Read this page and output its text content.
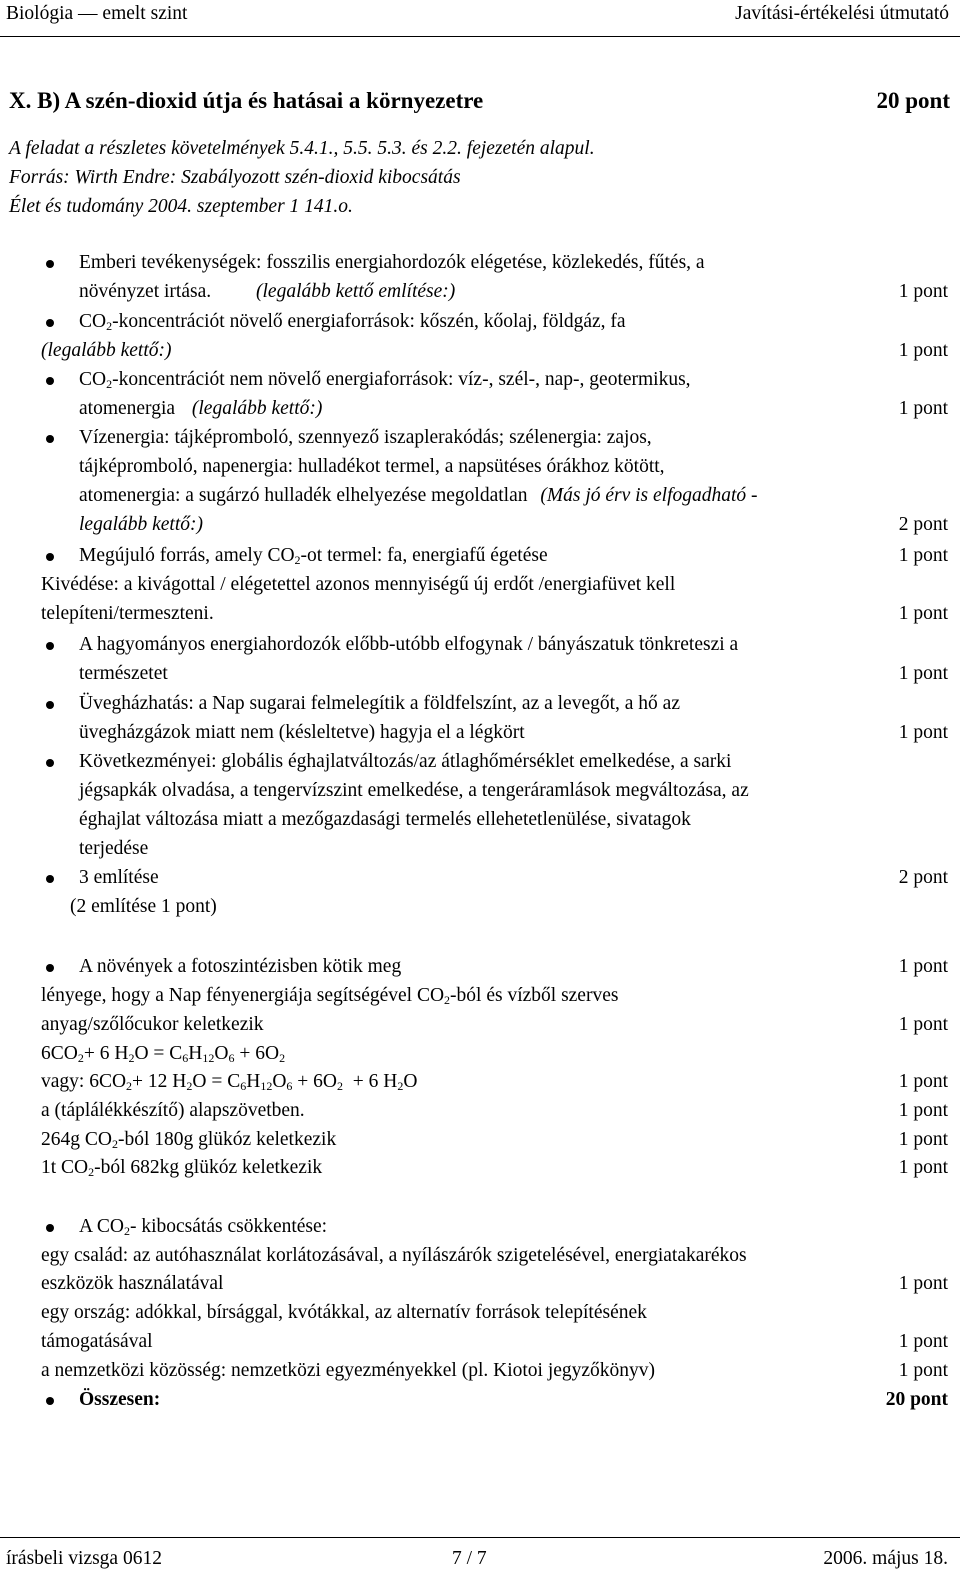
Biológia — emelt szint	Javítási-értékelési útmutató
X. B) A szén-dioxid útja és hatásai a környezetre	20 pont
A feladat a részletes követelmények 5.4.1., 5.5. 5.3. és 2.2. fejezetén alapul.
Forrás: Wirth Endre: Szabályozott szén-dioxid kibocsátás
Élet és tudomány 2004. szeptember 1 141.o.
Emberi tevékenységek: fosszilis energiahordozók elégetése, közlekedés, fűtés, a
növényzet irtása. (legalább kettő említése:)	1 pont
$CO_2$-koncentrációt növelő energiaforrások: kőszén, kőolaj, földgáz, fa
(legalább kettő:)	1 pont
$CO_2$-koncentrációt nem növelő energiaforrások: víz-, szél-, nap-, geotermikus,
atomenergia (legalább kettő:)	1 pont
Vízenergia: tájképromboló, szennyező iszaplerakódás; szélenergia: zajos,
tájképromboló, napenergia: hulladékot termel, a napsütéses órákhoz kötött,
atomenergia: a sugárzó hulladék elhelyezése megoldatlan (Más jó érv is elfogadható -
legalább kettő:)	2 pont
Megújuló forrás, amely $CO_2-ot$ termel: fa, energiafű égetése	1 pont
Kivédése: a kivágottal / elégetettel azonos mennyiségű új erdőt /energiafüvet kell
telepíteni/termeszteni.	1 pont
A hagyományos energiahordozók előbb-utóbb elfogynak / bányászatuk tönkreteszi a
természetet	1 pont
Üvegházhatás: a Nap sugarai felmelegítik a földfelszínt, az a levegőt, a hő az
üvegházgázok miatt nem (késleltetve) hagyja el a légkört	1 pont
Következményei: globális éghajlatváltozás/az átlaghőmérséklet emelkedése, a sarki
jégsapkák olvadása, a tengervízszint emelkedése, a tengeráramlások megváltozása, az
éghajlat változása miatt a mezőgazdasági termelés ellehetetlenülése, sivatagok
terjedése
3 említése	2 pont
(2 említése 1 pont)
A növények a fotoszintézisben kötik meg	1 pont
lényege, hogy a Nap fényenergiája segítségével $CO_2$-ból és vízből szerves
anyag/szőlőcukor keletkezik	1 pont
$6CO_2+ 6$ $H_2O = C_6H_{12}O_6 + 6O_2$
vagy: $6CO_2+ 12$ $H_2O = C_6H_{12}O_6 + 6O_2 + 6$ $H_2O$	1 pont
a (táplálékkészítő) alapszövetben.	1 pont
264g $CO_2$-ból 180g glükóz keletkezik	1 pont
1t $CO_2$-ból 682kg glükóz keletkezik	1 pont
A $CO_2-$ kibocsátás csökkentése:
egy család: az autóhasználat korlátozásával, a nyílászárók szigetelésével, energiatakarékos
eszközök használatával	1 pont
egy ország: adókkal, bírsággal, kvótákkal, az alternatív források telepítésének
támogatásával	1 pont
a nemzetközi közösség: nemzetközi egyezményekkel (pl. Kiotoi jegyzőkönyv)	1 pont
Összesen:	20 pont
írásbeli vizsga 0612	7 / 7	2006. május 18.
